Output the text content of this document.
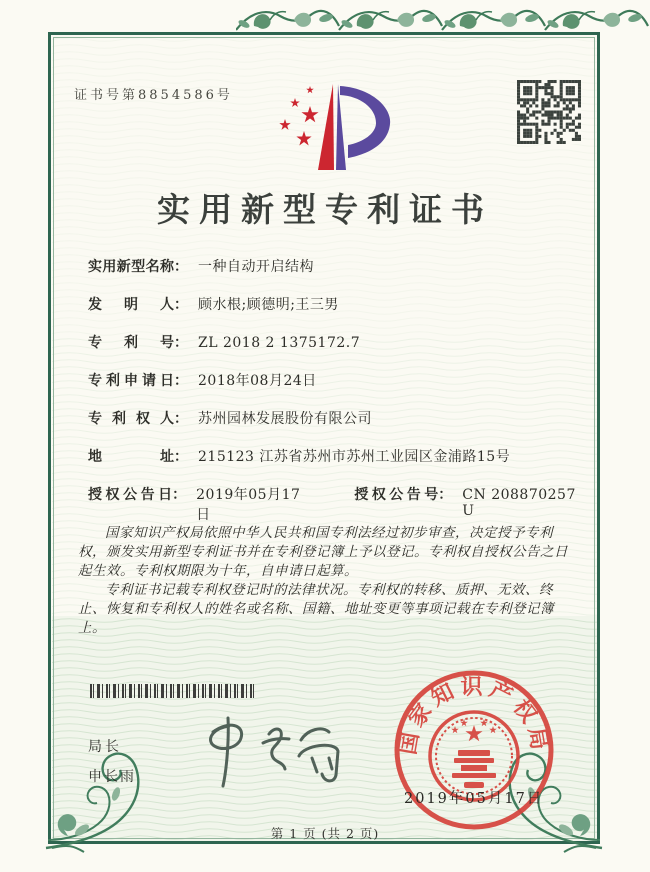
证书号第8854586号
实用新型专利证书
实用新型名称 ： 一种自动开启结构
发明人 ： 顾水根;顾德明;王三男
专利号 ： ZL 2018 2 1375172.7
专利申请日 ： 2018年08月24日
专利权人 ： 苏州园林发展股份有限公司
地址 ： 215123 江苏省苏州市苏州工业园区金浦路15号
授权公告日 ： 2019年05月17日
授权公告号 ： CN 208870257 U

国家知识产权局依照中华人民共和国专利法经过初步审查，决定授予专利权，颁发实用新型专利证书并在专利登记簿上予以登记。专利权自授权公告之日起生效。专利权期限为十年，自申请日起算。

专利证书记载专利权登记时的法律状况。专利权的转移、质押、无效、终止、恢复和专利权人的姓名或名称、国籍、地址变更等事项记载在专利登记簿上。

局长
申长雨
国家知识产权局
2019年05月17日
第 1 页 (共 2 页)
